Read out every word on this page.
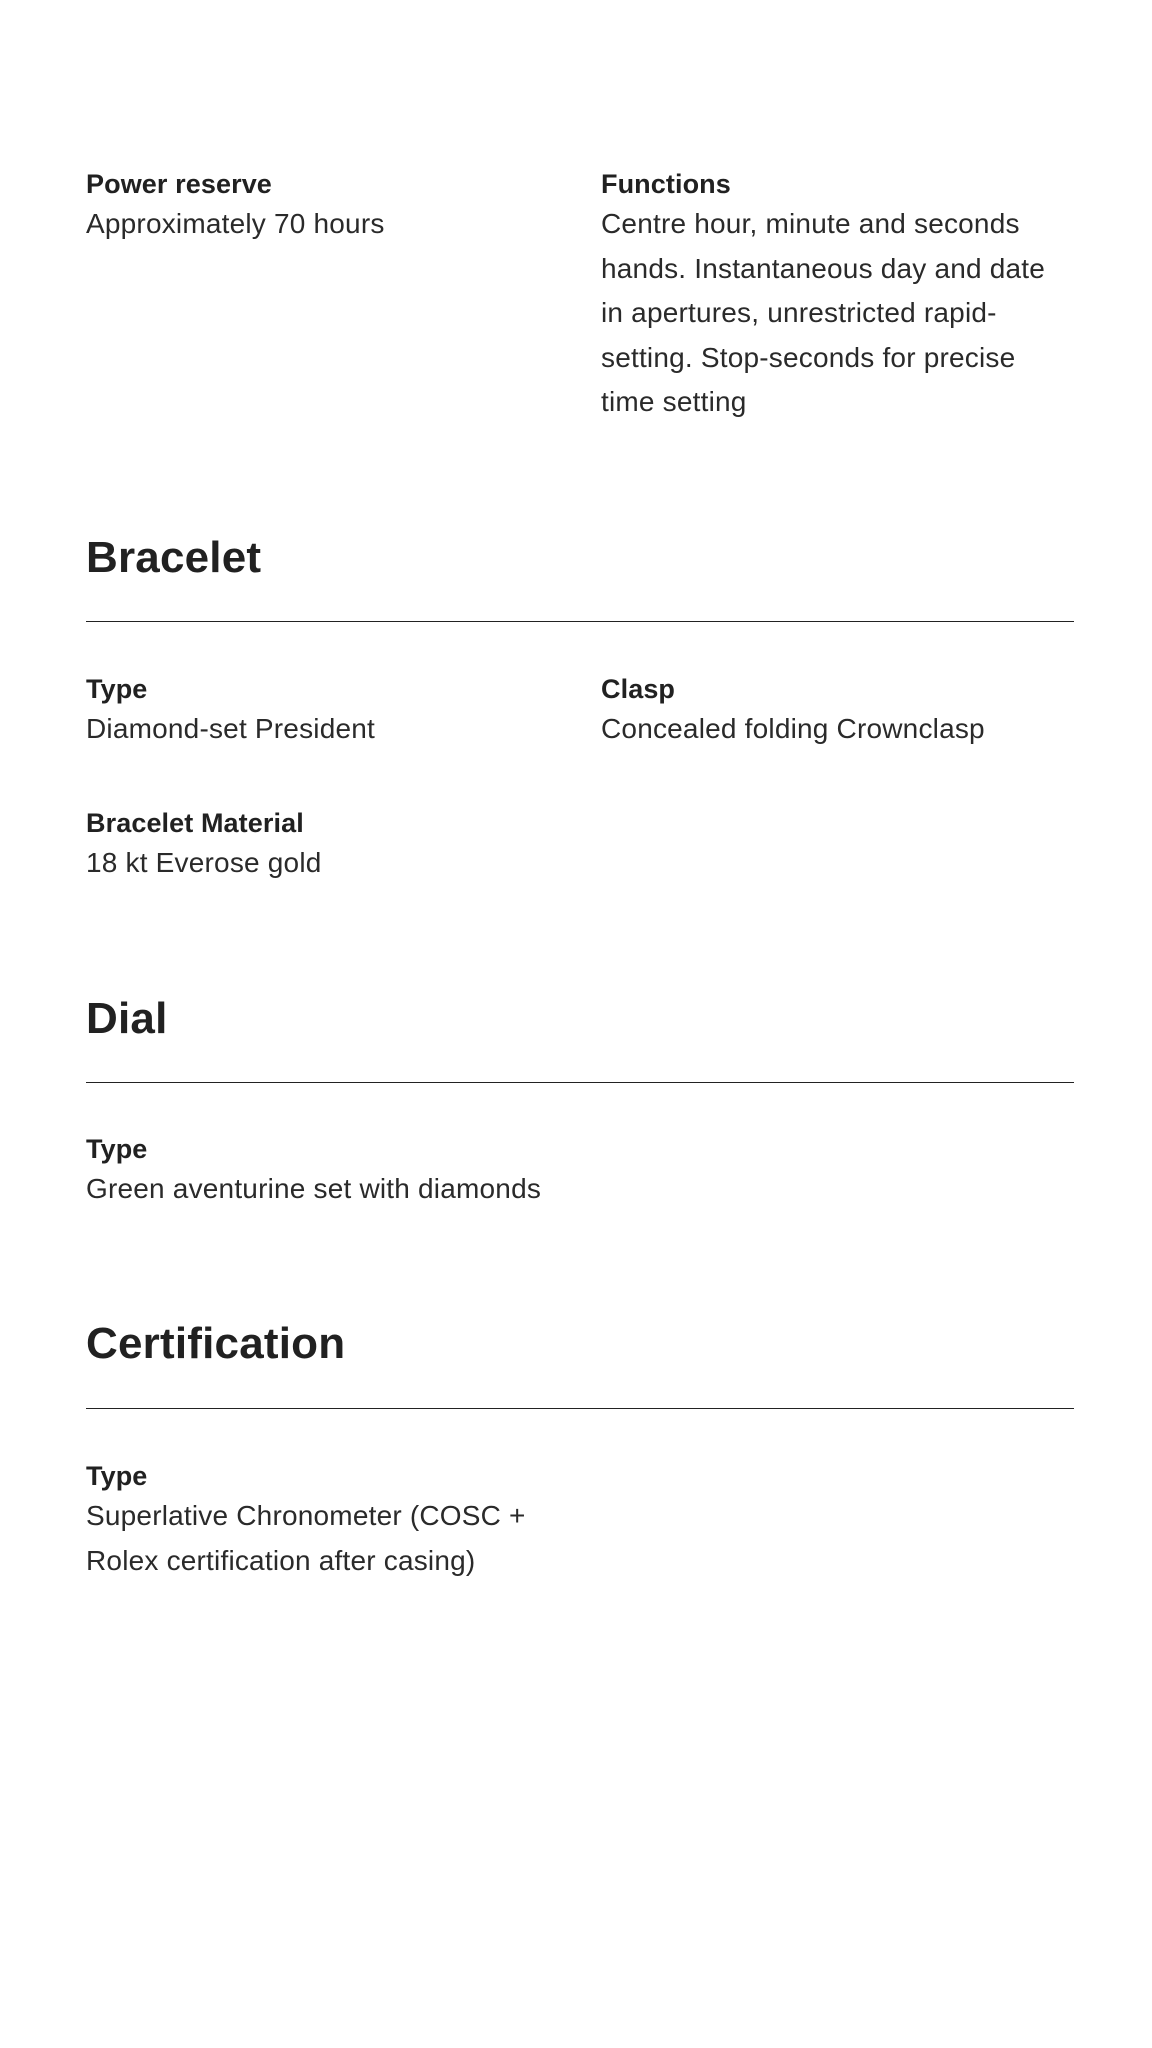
Power reserve

Approximately 70 hours

Functions

Centre hour, minute and seconds hands. Instantaneous day and date in apertures, unrestricted rapid-setting. Stop-seconds for precise time setting

Bracelet

Type

Diamond-set President

Clasp

Concealed folding Crownclasp

Bracelet Material

18 kt Everose gold

Dial

Type

Green aventurine set with diamonds

Certification

Type

Superlative Chronometer (COSC + Rolex certification after casing)
